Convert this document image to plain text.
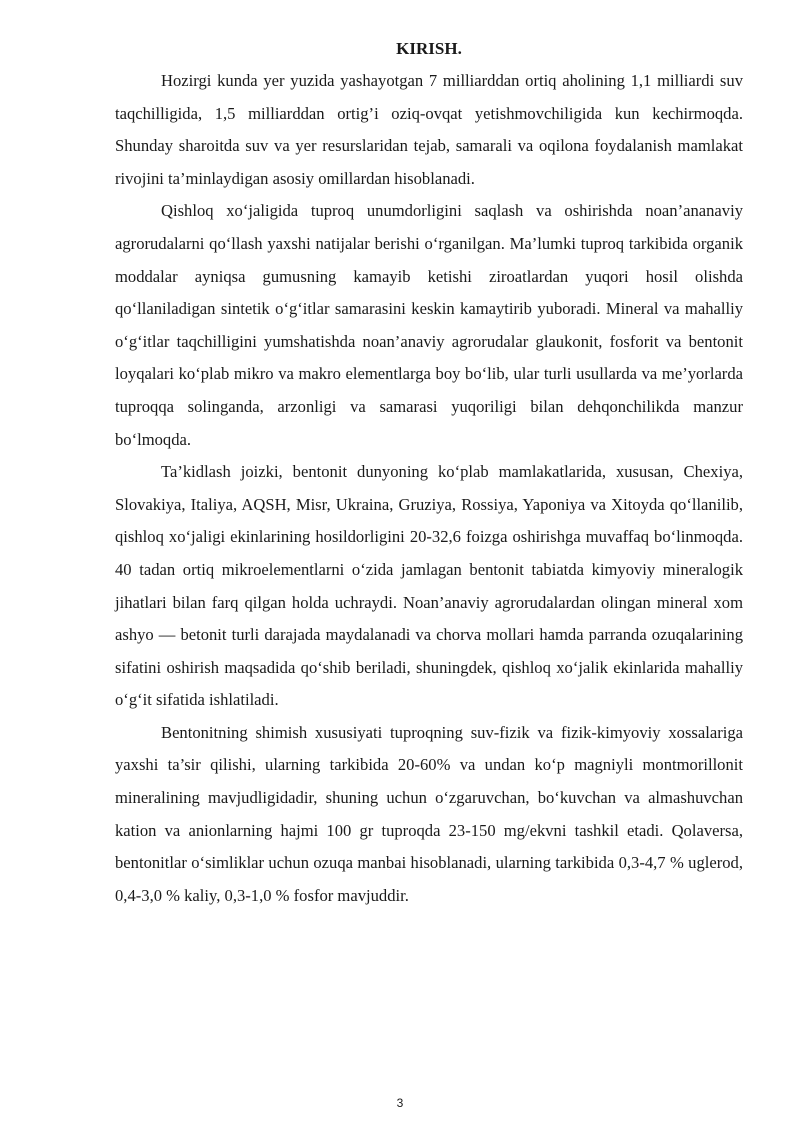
KIRISH.

Hozirgi kunda yer yuzida yashayotgan 7 milliarddan ortiq aholining 1,1 milliardi suv taqchilligida, 1,5 milliarddan ortig’i oziq-ovqat yetishmovchiligida kun kechirmoqda. Shunday sharoitda suv va yer resurslaridan tejab, samarali va oqilona foydalanish mamlakat rivojini ta’minlaydigan asosiy omillardan hisoblanadi.

Qishloq xo‘jaligida tuproq unumdorligini saqlash va oshirishda noan’ananaviy agrorudalarni qo‘llash yaxshi natijalar berishi o‘rganilgan. Ma’lumki tuproq tarkibida organik moddalar ayniqsa gumusning kamayib ketishi ziroatlardan yuqori hosil olishda qo‘llaniladigan sintetik o‘g‘itlar samarasini keskin kamaytirib yuboradi. Mineral va mahalliy o‘g‘itlar taqchilligini yumshatishda noan’anaviy agrorudalar glaukonit, fosforit va bentonit loyqalari ko‘plab mikro va makro elementlarga boy bo‘lib, ular turli usullarda va me’yorlarda tuproqqa solinganda, arzonligi va samarasi yuqoriligi bilan dehqonchilikda manzur bo‘lmoqda.

Ta’kidlash joizki, bentonit dunyoning ko‘plab mamlakatlarida, xususan, Chexiya, Slovakiya, Italiya, AQSH, Misr, Ukraina, Gruziya, Rossiya, Yaponiya va Xitoyda qo‘llanilib, qishloq xo‘jaligi ekinlarining hosildorligini 20-32,6 foizga oshirishga muvaffaq bo‘linmoqda. 40 tadan ortiq mikroelementlarni o‘zida jamlagan bentonit tabiatda kimyoviy mineralogik jihatlari bilan farq qilgan holda uchraydi. Noan’anaviy agrorudalardan olingan mineral xom ashyo — betonit turli darajada maydalanadi va chorva mollari hamda parranda ozuqalarining sifatini oshirish maqsadida qo‘shib beriladi, shuningdek, qishloq xo‘jalik ekinlarida mahalliy o‘g‘it sifatida ishlatiladi.

Bentonitning shimish xususiyati tuproqning suv-fizik va fizik-kimyoviy xossalariga yaxshi ta’sir qilishi, ularning tarkibida 20-60% va undan ko‘p magniyli montmorillonit mineralining mavjudligidadir, shuning uchun o‘zgaruvchan, bo‘kuvchan va almashuvchan kation va anionlarning hajmi 100 gr tuproqda 23-150 mg/ekvni tashkil etadi. Qolaversa, bentonitlar o‘simliklar uchun ozuqa manbai hisoblanadi, ularning tarkibida 0,3-4,7 % uglerod, 0,4-3,0 % kaliy, 0,3-1,0 % fosfor mavjuddir.

3
